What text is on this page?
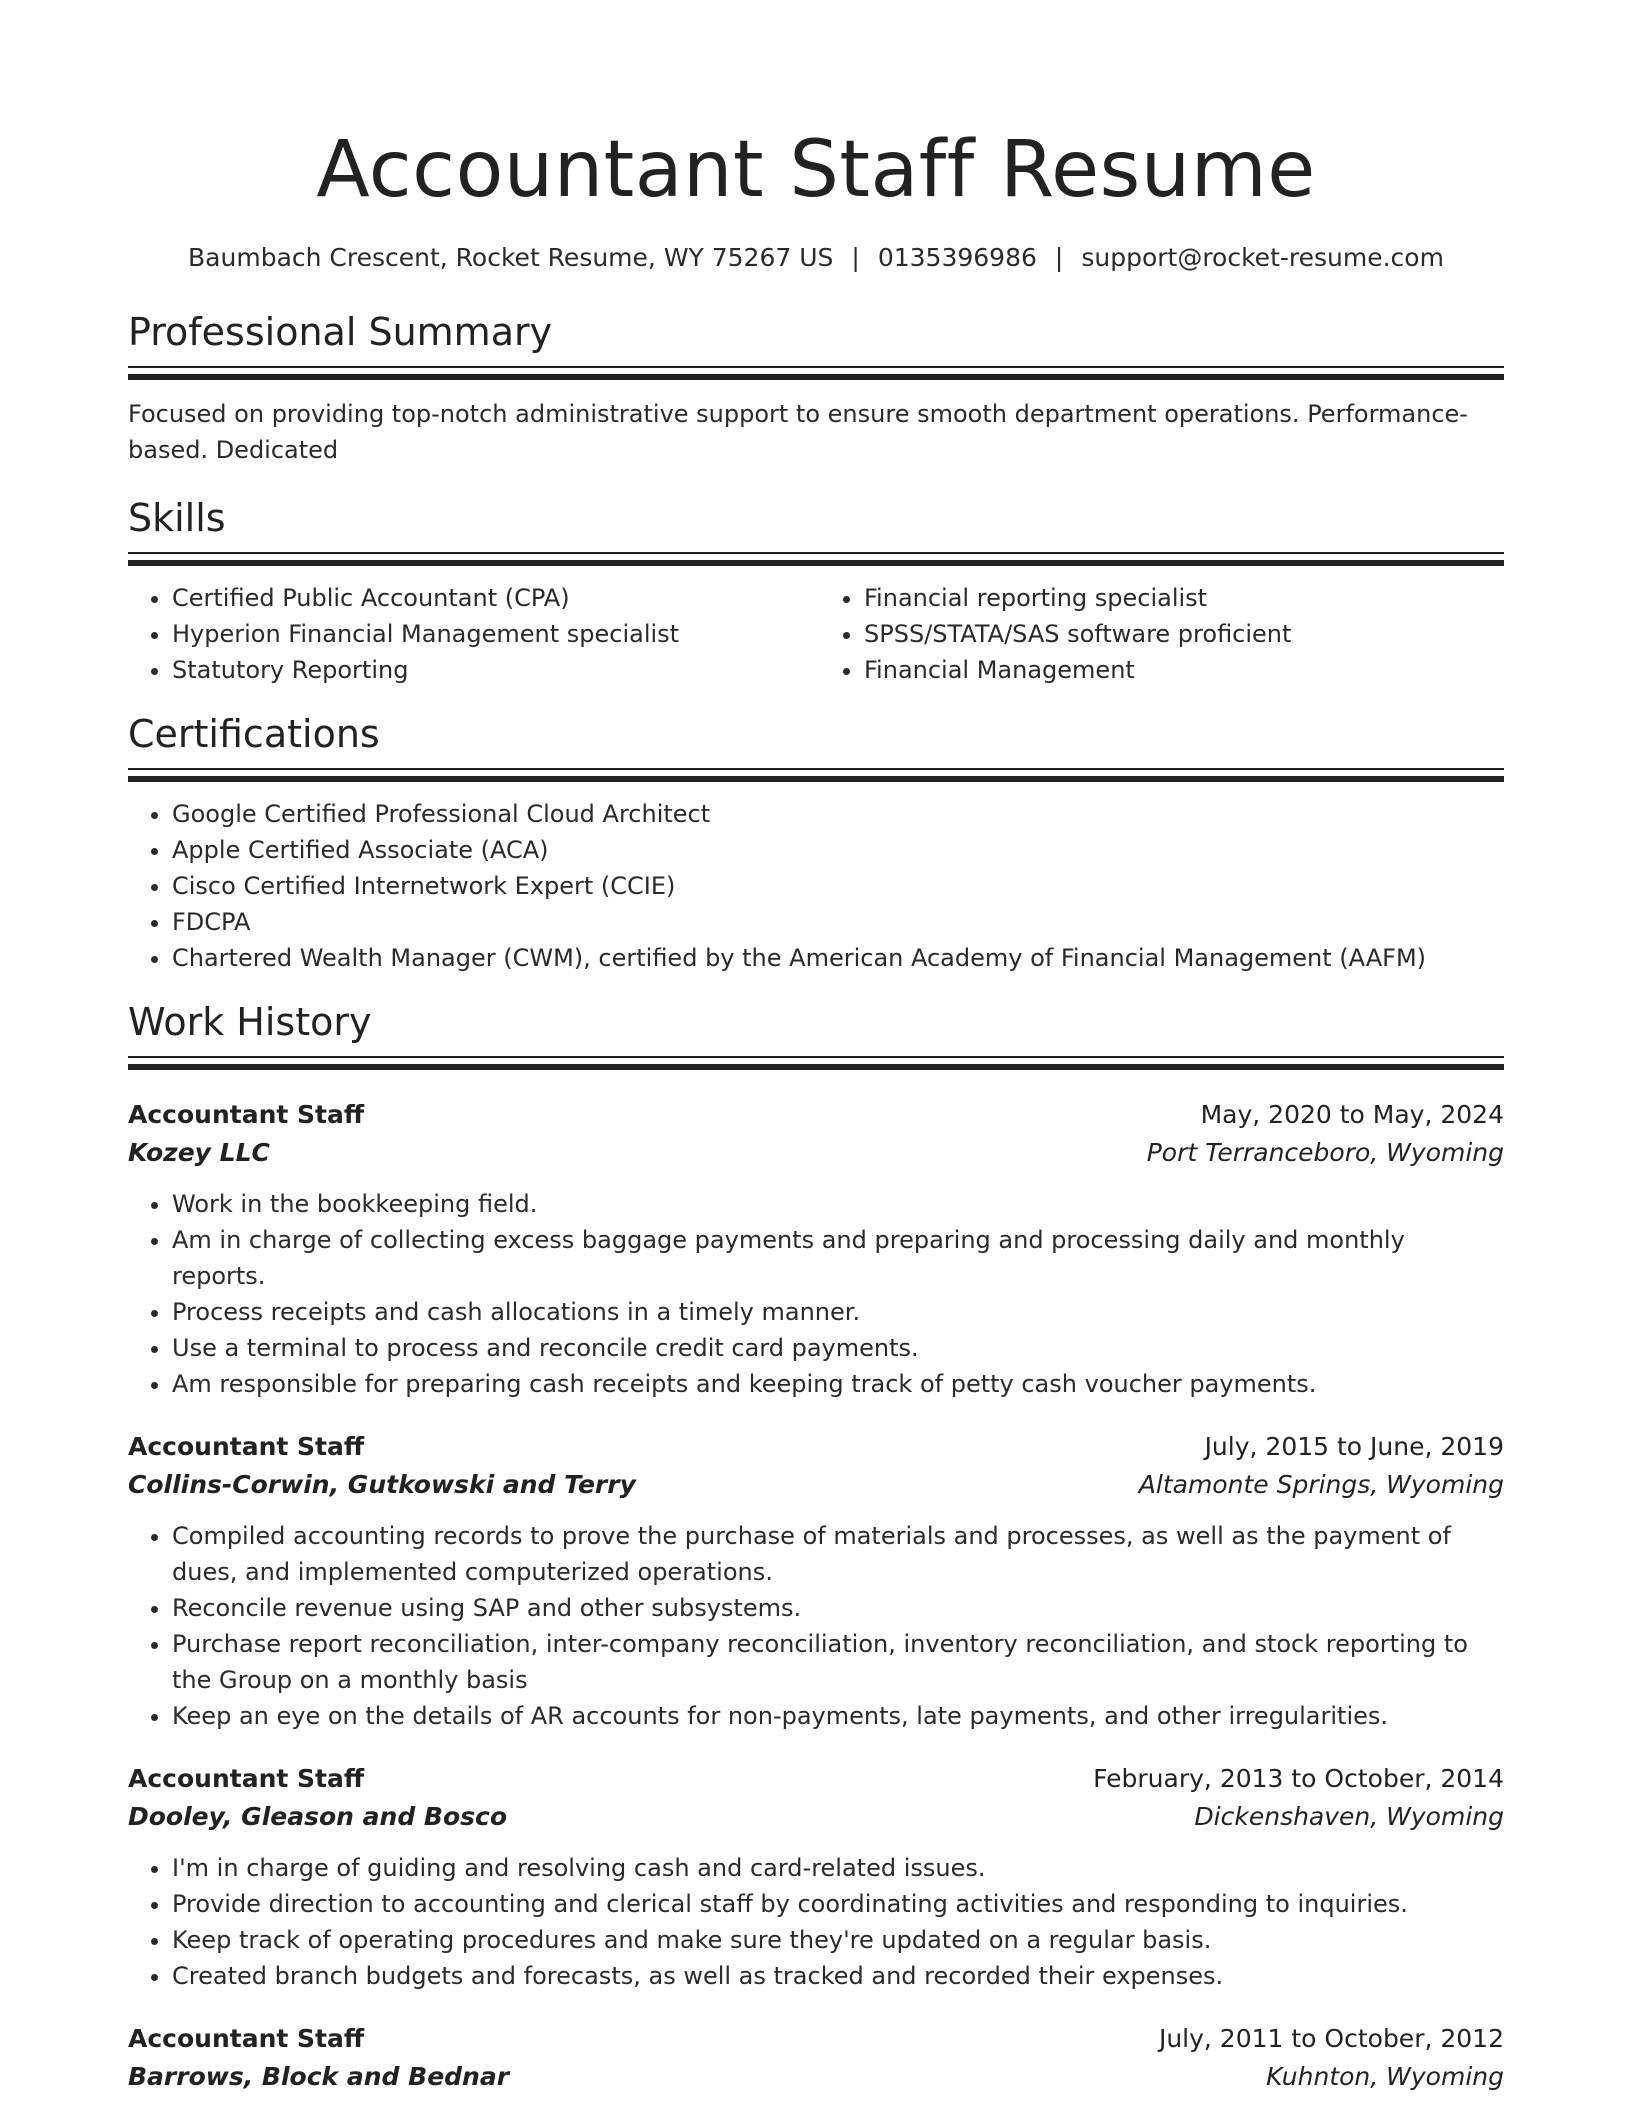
Accountant Staff Resume
Baumbach Crescent, Rocket Resume, WY 75267 US | 0135396986 | support@rocket-resume.com
Professional Summary
Focused on providing top-notch administrative support to ensure smooth department operations. Performance-based. Dedicated
Skills
• Certified Public Accountant (CPA)
• Hyperion Financial Management specialist
• Statutory Reporting
• Financial reporting specialist
• SPSS/STATA/SAS software proficient
• Financial Management
Certifications
• Google Certified Professional Cloud Architect
• Apple Certified Associate (ACA)
• Cisco Certified Internetwork Expert (CCIE)
• FDCPA
• Chartered Wealth Manager (CWM), certified by the American Academy of Financial Management (AAFM)
Work History
Accountant Staff	May, 2020 to May, 2024
Kozey LLC	Port Terranceboro, Wyoming
• Work in the bookkeeping field.
• Am in charge of collecting excess baggage payments and preparing and processing daily and monthly reports.
• Process receipts and cash allocations in a timely manner.
• Use a terminal to process and reconcile credit card payments.
• Am responsible for preparing cash receipts and keeping track of petty cash voucher payments.
Accountant Staff	July, 2015 to June, 2019
Collins-Corwin, Gutkowski and Terry	Altamonte Springs, Wyoming
• Compiled accounting records to prove the purchase of materials and processes, as well as the payment of dues, and implemented computerized operations.
• Reconcile revenue using SAP and other subsystems.
• Purchase report reconciliation, inter-company reconciliation, inventory reconciliation, and stock reporting to the Group on a monthly basis
• Keep an eye on the details of AR accounts for non-payments, late payments, and other irregularities.
Accountant Staff	February, 2013 to October, 2014
Dooley, Gleason and Bosco	Dickenshaven, Wyoming
• I'm in charge of guiding and resolving cash and card-related issues.
• Provide direction to accounting and clerical staff by coordinating activities and responding to inquiries.
• Keep track of operating procedures and make sure they're updated on a regular basis.
• Created branch budgets and forecasts, as well as tracked and recorded their expenses.
Accountant Staff	July, 2011 to October, 2012
Barrows, Block and Bednar	Kuhnton, Wyoming
